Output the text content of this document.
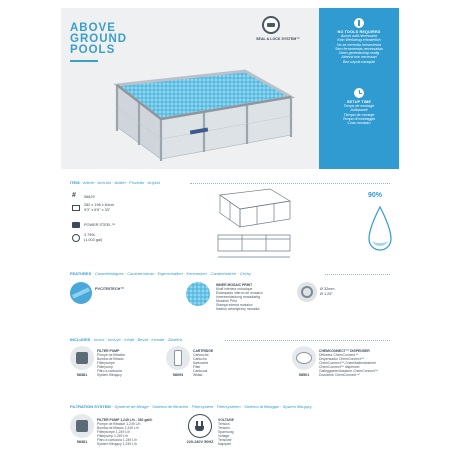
ABOVE
GROUND
POOLS
SEAL & LOCK SYSTEM™
NO TOOLS REQUIRED
Aucun outil nécessaire
Kein Werkzeug erforderlich
No se necesita herramienta
Sem ferramentas necessárias
Geen gereedschap nodig
Attrezzi non necessari
Bez użycia narzędzi
SETUP TIME
Temps de montage
Aufbauzeit
Tiempo de montaje
Tempo di montaggio
Czas montażu
ITEM · Article · Artículo · Artikel · Prodotto · Artykuł
# 56629
282 x 196 x 84cm
9'3" x 6'5" x 33"
POWER STEEL™
3 799L
(1,003 gal)
90%
FEATURES · Caractéristiques · Características · Eigenschaften · Kenmerken · Caratteristiche · Cechy
PVC/TRITECH™
INNER MOSAIC PRINT
Motif intérieur mosaïque
Estampado interno de mosaico
Innenverkleidung mosaikartig
Mozaïek Print
Stampa interna mosaico
Nadruk wewnętrzny mozaika
Ø 32mm
Ø 1.25"
INCLUDES · Inclus · Incluye · Inhalt · Bevat · Include · Zawiera
58381
FILTER PUMP
Pompe de filtration
Bomba de filtrado
Filterpumpe
Filterpomp
Filtro a cartuccia
System filtrujący	58093
CARTRIDGE
Cartouche
Cartucho
Kartusche
Filter
Cartuccia
Wkład	58501
CHEMCONNECT™ DISPENSER
Diffuseur ChemConnect™
Dispensador ChemConnect™
ChemConnect™-Chemikaliendosierer
ChemConnect™ dispenser
Galleggiante/dosatore ChemConnect™
Dozownik ChemConnect™
FILTRATION SYSTEM · Système de filtrage · Sistema de filtración · Filtersystem · Filtersysteem · Sistema di filtraggio · System filtrujący
58381
FILTER PUMP 1,249 L/h - 330 gal/h
Pompe de filtration 1,249 L/h
Bomba de filtrado 1,249 L/h
Filterpumpe 1,249 L/h
Filterpomp 1,249 L/h
Filtro a cartuccia 1,249 L/h
System filtrujący 1,249 L/h	220-240V 50HZ
VOLTAGE
Tension
Tensión
Spannung
Voltage
Tensione
Napięcie
